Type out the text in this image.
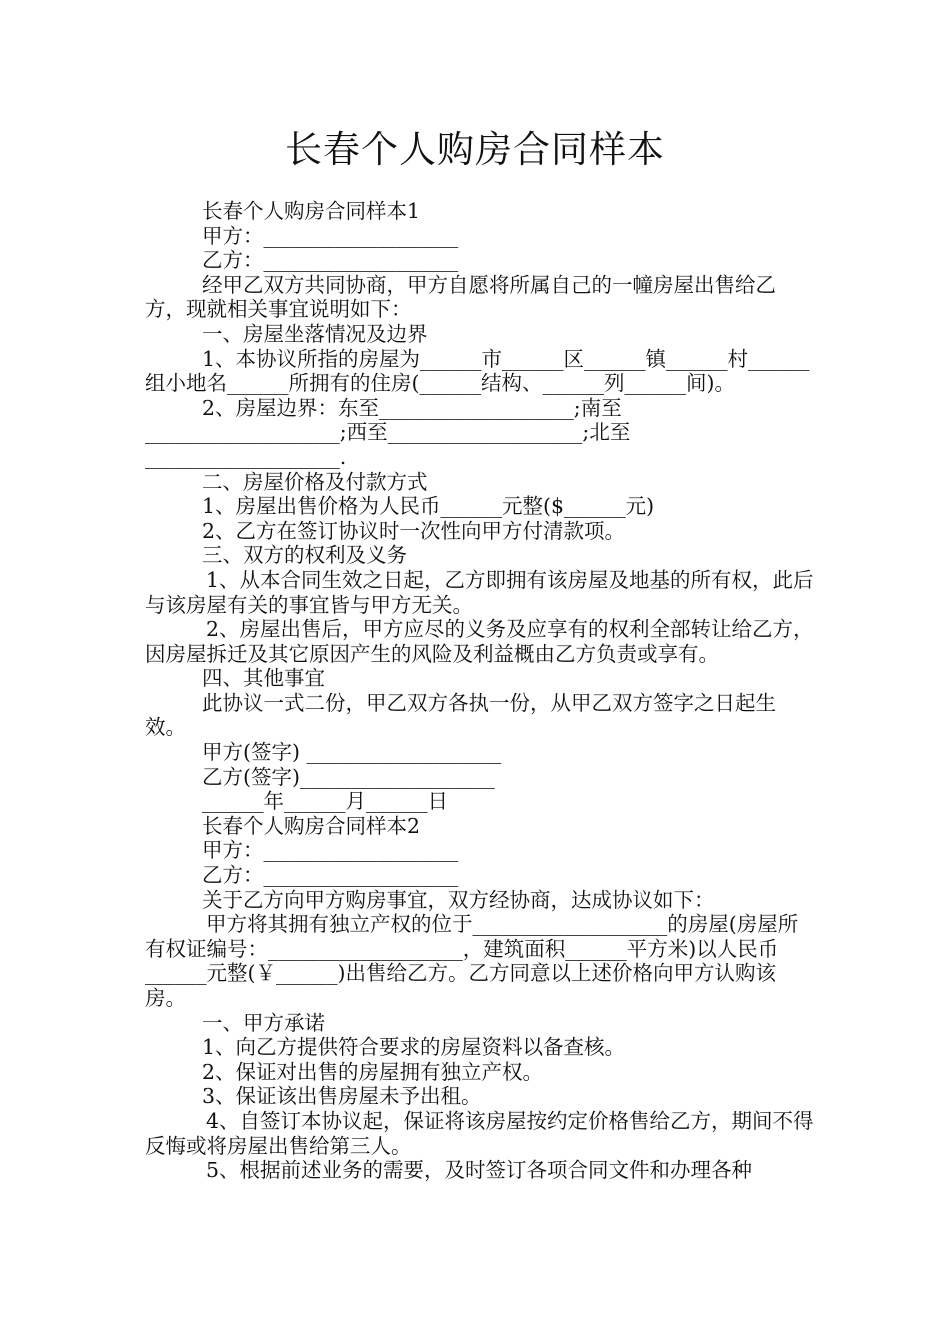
长春个人购房合同样本

长春个人购房合同样本1

甲方：___________________

乙方：___________________

经甲乙双方共同协商，甲方自愿将所属自己的一幢房屋出售给乙方，现就相关事宜说明如下：

一、房屋坐落情况及边界

1、本协议所指的房屋为______市______区______镇______村______组小地名______所拥有的住房(______结构、______列______间)。

2、房屋边界：东至___________________;南至___________________;西至___________________;北至___________________.

二、房屋价格及付款方式

1、房屋出售价格为人民币______元整($______元)

2、乙方在签订协议时一次性向甲方付清款项。

三、双方的权利及义务

1、从本合同生效之日起，乙方即拥有该房屋及地基的所有权，此后与该房屋有关的事宜皆与甲方无关。

2、房屋出售后，甲方应尽的义务及应享有的权利全部转让给乙方，因房屋拆迁及其它原因产生的风险及利益概由乙方负责或享有。

四、其他事宜

此协议一式二份，甲乙双方各执一份，从甲乙双方签字之日起生效。

甲方(签字) ___________________

乙方(签字)___________________

______年______月______日

长春个人购房合同样本2

甲方：___________________

乙方：___________________

关于乙方向甲方购房事宜，双方经协商，达成协议如下：

甲方将其拥有独立产权的位于___________________的房屋(房屋所有权证编号：___________________，建筑面积______平方米)以人民币______元整(￥______)出售给乙方。乙方同意以上述价格向甲方认购该房。

一、甲方承诺

1、向乙方提供符合要求的房屋资料以备查核。

2、保证对出售的房屋拥有独立产权。

3、保证该出售房屋未予出租。

4、自签订本协议起，保证将该房屋按约定价格售给乙方，期间不得反悔或将房屋出售给第三人。

5、根据前述业务的需要，及时签订各项合同文件和办理各种
